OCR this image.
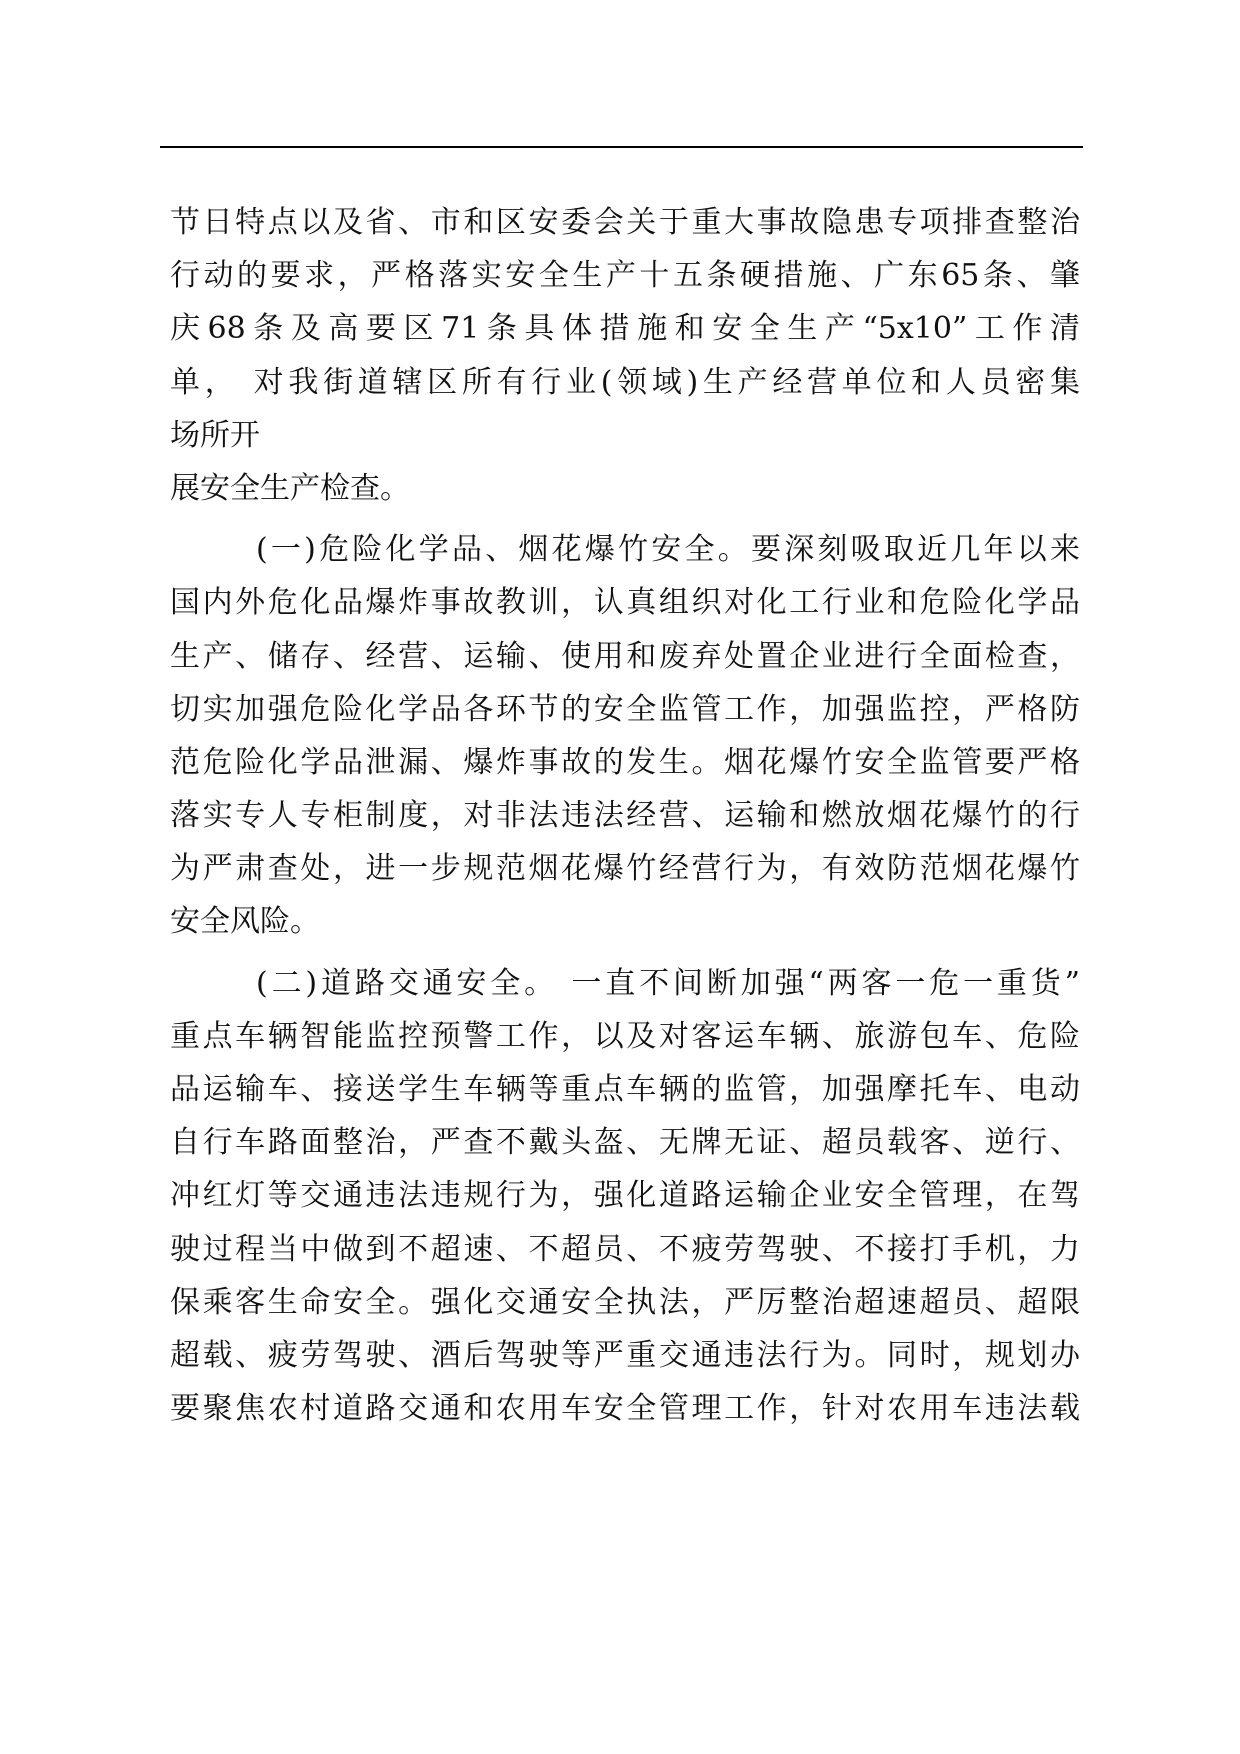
节日特点以及省、市和区安委会关于重大事故隐患专项排查整治
行动的要求，严格落实安全生产十五条硬措施、广东65条、肇
庆68条及高要区71条具体措施和安全生产“5x10”工作清
单， 对我街道辖区所有行业(领域)生产经营单位和人员密集
场所开
展安全生产检查。
(一)危险化学品、烟花爆竹安全。要深刻吸取近几年以来
国内外危化品爆炸事故教训，认真组织对化工行业和危险化学品
生产、储存、经营、运输、使用和废弃处置企业进行全面检查，
切实加强危险化学品各环节的安全监管工作，加强监控，严格防
范危险化学品泄漏、爆炸事故的发生。烟花爆竹安全监管要严格
落实专人专柜制度，对非法违法经营、运输和燃放烟花爆竹的行
为严肃查处，进一步规范烟花爆竹经营行为，有效防范烟花爆竹
安全风险。
(二)道路交通安全。 一直不间断加强“两客一危一重货”
重点车辆智能监控预警工作，以及对客运车辆、旅游包车、危险
品运输车、接送学生车辆等重点车辆的监管，加强摩托车、电动
自行车路面整治，严查不戴头盔、无牌无证、超员载客、逆行、
冲红灯等交通违法违规行为，强化道路运输企业安全管理，在驾
驶过程当中做到不超速、不超员、不疲劳驾驶、不接打手机，力
保乘客生命安全。强化交通安全执法，严厉整治超速超员、超限
超载、疲劳驾驶、酒后驾驶等严重交通违法行为。同时，规划办
要聚焦农村道路交通和农用车安全管理工作，针对农用车违法载
